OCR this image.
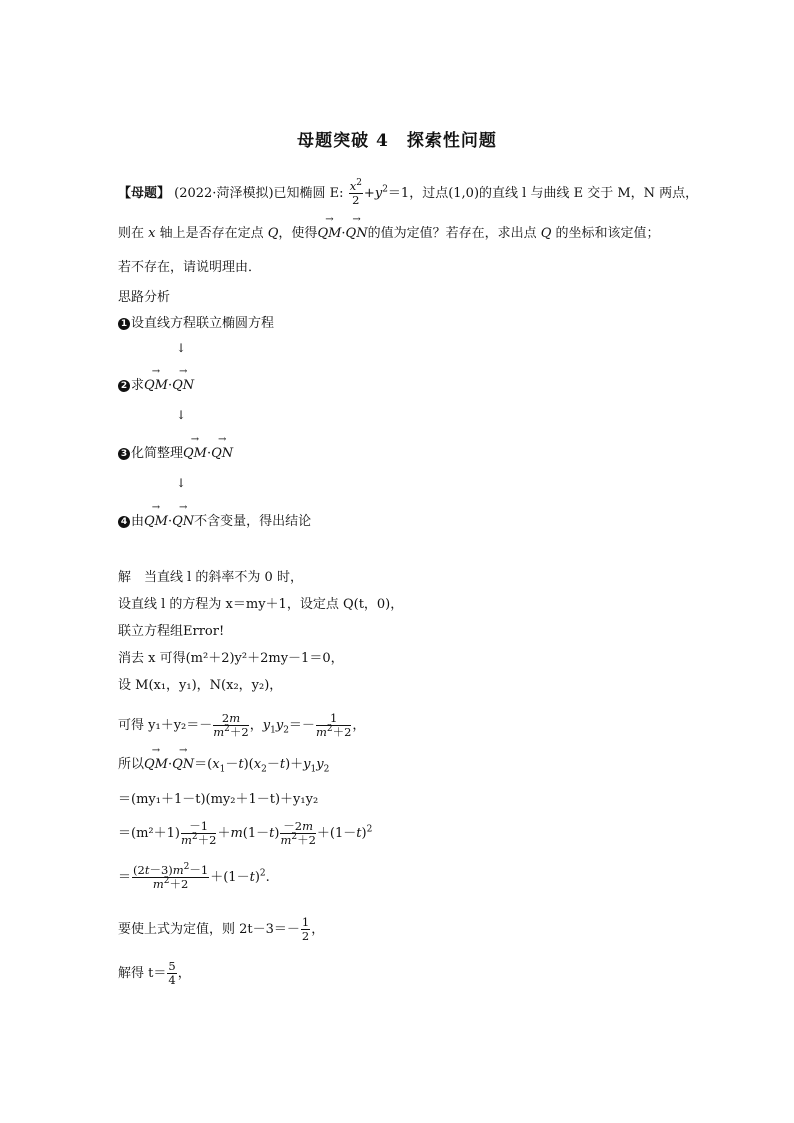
母题突破 4　探索性问题
【母题】 (2022·菏泽模拟)已知椭圆 E: $\frac{x^2}{2} +y^2=1$，过点(1,0)的直线 l 与曲线 E 交于 M，N 两点，
则在 x 轴上是否存在定点 Q，使得→ QM·→ QN的值为定值？若存在，求出点 Q 的坐标和该定值；
若不存在，请说明理由．
思路分析
1 设直线方程联立椭圆方程
↓
2 求→ QM·→ QN
↓
3 化简整理→ QM·→ QN
↓
4 由→ QM·→ QN不含变量，得出结论
解　当直线 l 的斜率不为 0 时，
设直线 l 的方程为 x＝my＋1，设定点 Q(t，0)，
联立方程组Error!
消去 x 可得(m²＋2)y²＋2my－1＝0，
设 M(x₁，y₁)，N(x₂，y₂)，
可得 $y_1+y_2=- \frac{2m}{m^2+2}$ ，$y_1y_2=- \frac{1}{m^2+2}$ ，
所以→ $QM\cdot\to QN=(x_1-t)(x_2-t)+y_1y_2$
＝(my₁＋1－t)(my₂＋1－t)＋y₁y₂
$=(m^2+1) \frac{-1}{m^2+2} +m(1-t) \frac{-2m}{m^2+2} +(1-t)^2$
＝ $\frac{(2t-3)m^2-1}{m^2+2} +(1-t)^2$.
要使上式为定值，则 $2t-3=- \frac{1}{2}$ ，
解得 $t= \frac{5}{4}$ ，
